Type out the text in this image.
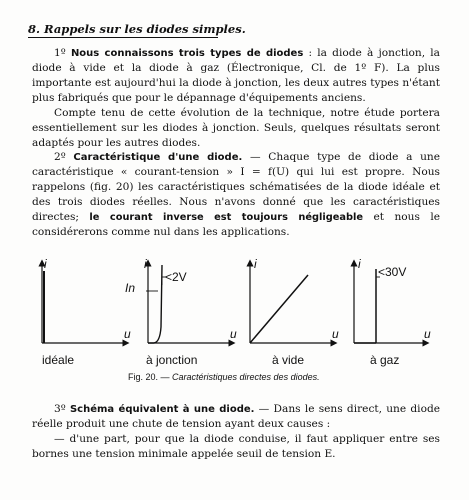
8. Rappels sur les diodes simples.
1º Nous connaissons trois types de diodes : la diode à jonction, la diode à vide et la diode à gaz (Électronique, Cl. de 1º F). La plus importante est aujourd'hui la diode à jonction, les deux autres types n'étant plus fabriqués que pour le dépannage d'équipements anciens.
Compte tenu de cette évolution de la technique, notre étude portera essentiellement sur les diodes à jonction. Seuls, quelques résultats seront adaptés pour les autres diodes.
2º Caractéristique d'une diode. — Chaque type de diode a une caractéristique « courant-tension » I = f(U) qui lui est propre. Nous rappelons (fig. 20) les caractéristiques schématisées de la diode idéale et des trois diodes réelles. Nous n'avons donné que les caractéristiques directes; le courant inverse est toujours négligeable et nous le considérerons comme nul dans les applications.
i
u
idéale
i
u
In
<2V
à jonction
i
u
à vide
i
u
<30V
à gaz
Fig. 20. — Caractéristiques directes des diodes.
3º Schéma équivalent à une diode. — Dans le sens direct, une diode réelle produit une chute de tension ayant deux causes :
— d'une part, pour que la diode conduise, il faut appliquer entre ses bornes une tension minimale appelée seuil de tension E.
